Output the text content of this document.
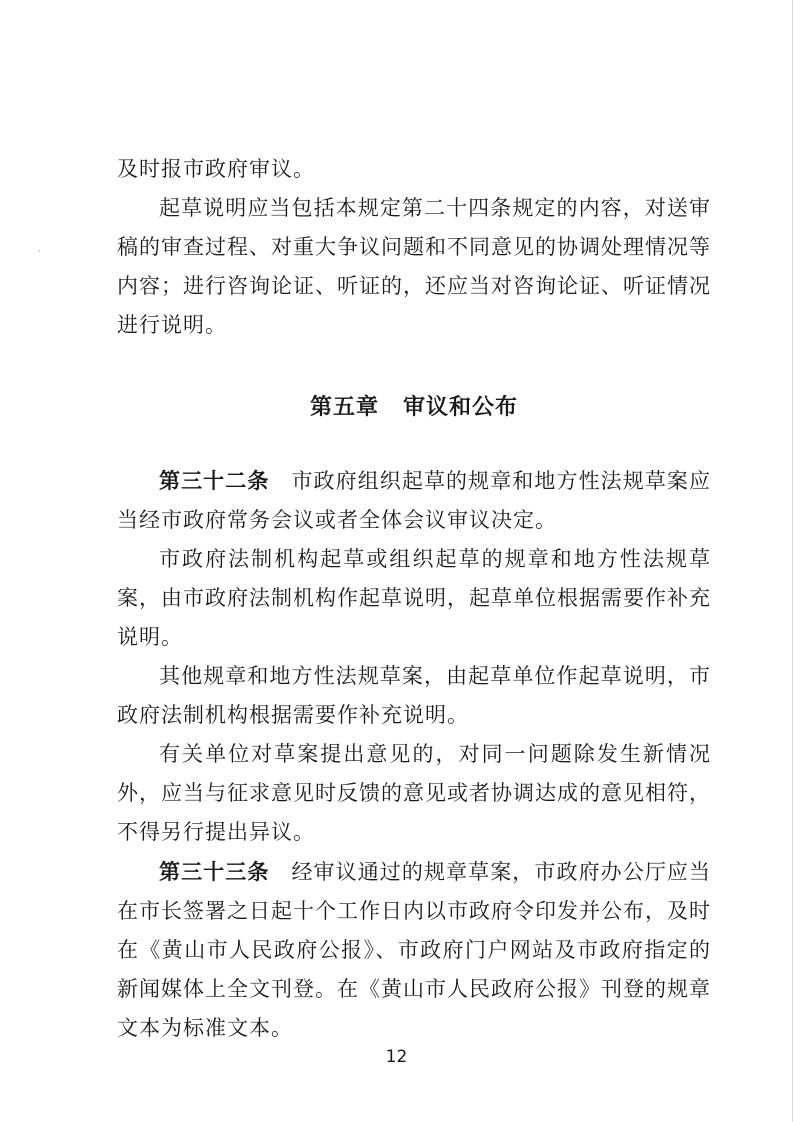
及时报市政府审议。

起草说明应当包括本规定第二十四条规定的内容，对送审稿的审查过程、对重大争议问题和不同意见的协调处理情况等内容；进行咨询论证、听证的，还应当对咨询论证、听证情况进行说明。

第五章 审议和公布

第三十二条 市政府组织起草的规章和地方性法规草案应当经市政府常务会议或者全体会议审议决定。

市政府法制机构起草或组织起草的规章和地方性法规草案，由市政府法制机构作起草说明，起草单位根据需要作补充说明。

其他规章和地方性法规草案，由起草单位作起草说明，市政府法制机构根据需要作补充说明。

有关单位对草案提出意见的，对同一问题除发生新情况外，应当与征求意见时反馈的意见或者协调达成的意见相符，不得另行提出异议。

第三十三条 经审议通过的规章草案，市政府办公厅应当在市长签署之日起十个工作日内以市政府令印发并公布，及时在《黄山市人民政府公报》、市政府门户网站及市政府指定的新闻媒体上全文刊登。在《黄山市人民政府公报》刊登的规章文本为标准文本。

12
